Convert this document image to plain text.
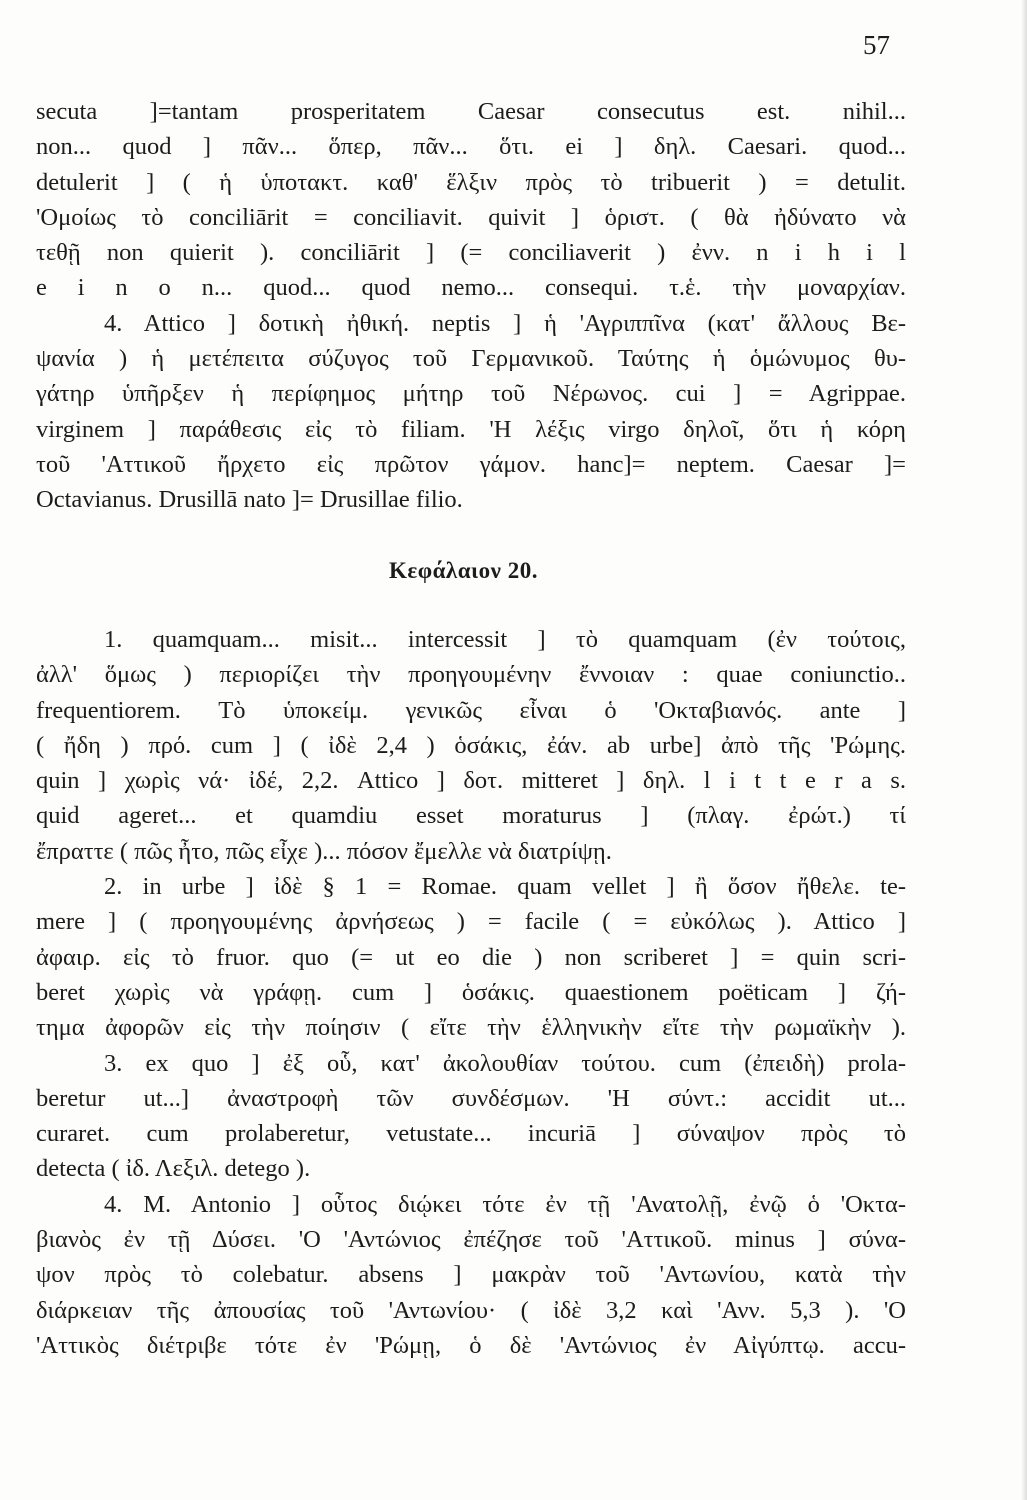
57
secuta ]=tantam prosperitatem Caesar consecutus est. nihil...
non... quod ] πᾶν... ὅπερ, πᾶν... ὅτι. ei ] δηλ. Caesari. quod...
detulerit ] ( ἡ ὑποτακτ. καθ' ἕλξιν πρὸς τὸ tribuerit ) = detulit.
'Ομοίως τὸ conciliārit = conciliavit. quivit ] ὁριστ. ( θὰ ἠδύνατο νὰ
τεθῇ non quierit ). conciliārit ] (= conciliaverit ) ἐνν. n i h i l
e i n o n... quod... quod nemo... consequi. τ.ἑ. τὴν μοναρχίαν.
4. Attico ] δοτικὴ ἠθική. neptis ] ἡ 'Αγριππῖνα (κατ' ἄλλους Βε-
ψανία ) ἡ μετέπειτα σύζυγος τοῦ Γερμανικοῦ. Ταύτης ἡ ὁμώνυμος θυ-
γάτηρ ὑπῆρξεν ἡ περίφημος μήτηρ τοῦ Νέρωνος. cui ] = Agrippae.
virginem ] παράθεσις εἰς τὸ filiam. 'Η λέξις virgo δηλοῖ, ὅτι ἡ κόρη
τοῦ 'Αττικοῦ ἤρχετο εἰς πρῶτον γάμον. hanc]= neptem. Caesar ]=
Octavianus. Drusillā nato ]= Drusillae filio.
Κεφάλαιον 20.
1. quamquam... misit... intercessit ] τὸ quamquam (ἐν τούτοις,
ἀλλ' ὅμως ) περιορίζει τὴν προηγουμένην ἔννοιαν : quae coniunctio..
frequentiorem. Τὸ ὑποκείμ. γενικῶς εἶναι ὁ 'Οκταβιανός. ante ]
( ἤδη ) πρό. cum ] ( ἰδὲ 2,4 ) ὁσάκις, ἐάν. ab urbe] ἀπὸ τῆς 'Ρώμης.
quin ] χωρὶς νά· ἰδέ, 2,2. Attico ] δοτ. mitteret ] δηλ. l i t t e r a s.
quid ageret... et quamdiu esset moraturus ] (πλαγ. ἐρώτ.) τί
ἔπραττε ( πῶς ἦτο, πῶς εἶχε )... πόσον ἔμελλε νὰ διατρίψῃ.
2. in urbe ] ἰδὲ § 1 = Romae. quam vellet ] ἢ ὅσον ἤθελε. te-
mere ] ( προηγουμένης ἀρνήσεως ) = facile ( = εὐκόλως ). Attico ]
ἀφαιρ. εἰς τὸ fruor. quo (= ut eo die ) non scriberet ] = quin scri-
beret χωρὶς νὰ γράφῃ. cum ] ὁσάκις. quaestionem poëticam ] ζή-
τημα ἀφορῶν εἰς τὴν ποίησιν ( εἴτε τὴν ἑλληνικὴν εἴτε τὴν ρωμαϊκὴν ).
3. ex quo ] ἐξ οὗ, κατ' ἀκολουθίαν τούτου. cum (ἐπειδὴ) prola-
beretur ut...] ἀναστροφὴ τῶν συνδέσμων. 'Η σύντ.: accidit ut...
curaret. cum prolaberetur, vetustate... incuriā ] σύναψον πρὸς τὸ
detecta ( ἰδ. Λεξιλ. detego ).
4. M. Antonio ] οὗτος διῴκει τότε ἐν τῇ 'Ανατολῇ, ἐνῷ ὁ 'Οκτα-
βιανὸς ἐν τῇ Δύσει. 'Ο 'Αντώνιος ἐπέζησε τοῦ 'Αττικοῦ. minus ] σύνα-
ψον πρὸς τὸ colebatur. absens ] μακρὰν τοῦ 'Αντωνίου, κατὰ τὴν
διάρκειαν τῆς ἀπουσίας τοῦ 'Αντωνίου· ( ἰδὲ 3,2 καὶ 'Ανν. 5,3 ). 'Ο
'Αττικὸς διέτριβε τότε ἐν 'Ρώμῃ, ὁ δὲ 'Αντώνιος ἐν Αἰγύπτῳ. accu-
